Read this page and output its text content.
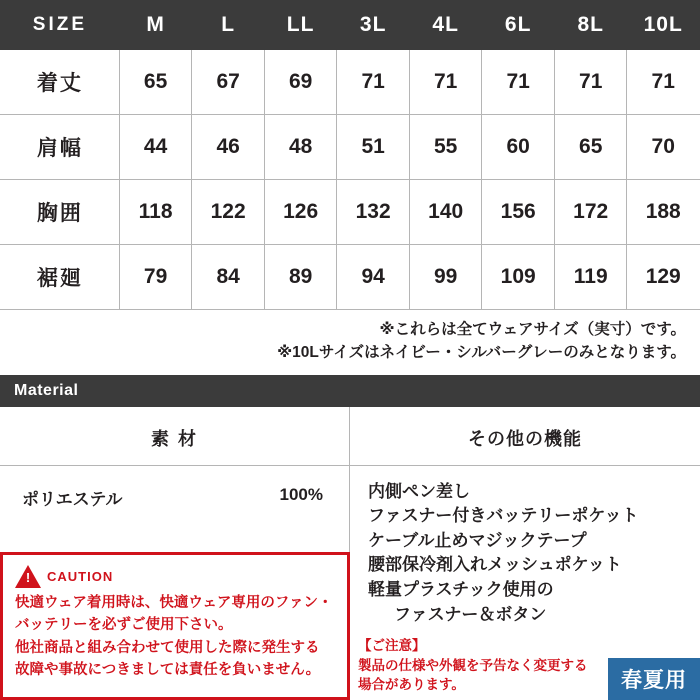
SIZE	M	L	LL	3L	4L	6L	8L	10L
着丈	65	67	69	71	71	71	71	71
肩幅	44	46	48	51	55	60	65	70
胸囲	118	122	126	132	140	156	172	188
裾廻	79	84	89	94	99	109	119	129
※これらは全てウェアサイズ（実寸）です。
※10Lサイズはネイビー・シルバーグレーのみとなります。
Material
素 材
ポリエステル	100%
その他の機能
内側ペン差し
ファスナー付きバッテリーポケット
ケーブル止めマジックテープ
腰部保冷剤入れメッシュポケット
軽量プラスチック使用の
ファスナー＆ボタン
!
CAUTION
快適ウェア着用時は、快適ウェア専用のファン・
バッテリーを必ずご使用下さい。
他社商品と組み合わせて使用した際に発生する
故障や事故につきましては責任を負いません。
【ご注意】
製品の仕様や外観を予告なく変更する
場合があります。	春夏用
